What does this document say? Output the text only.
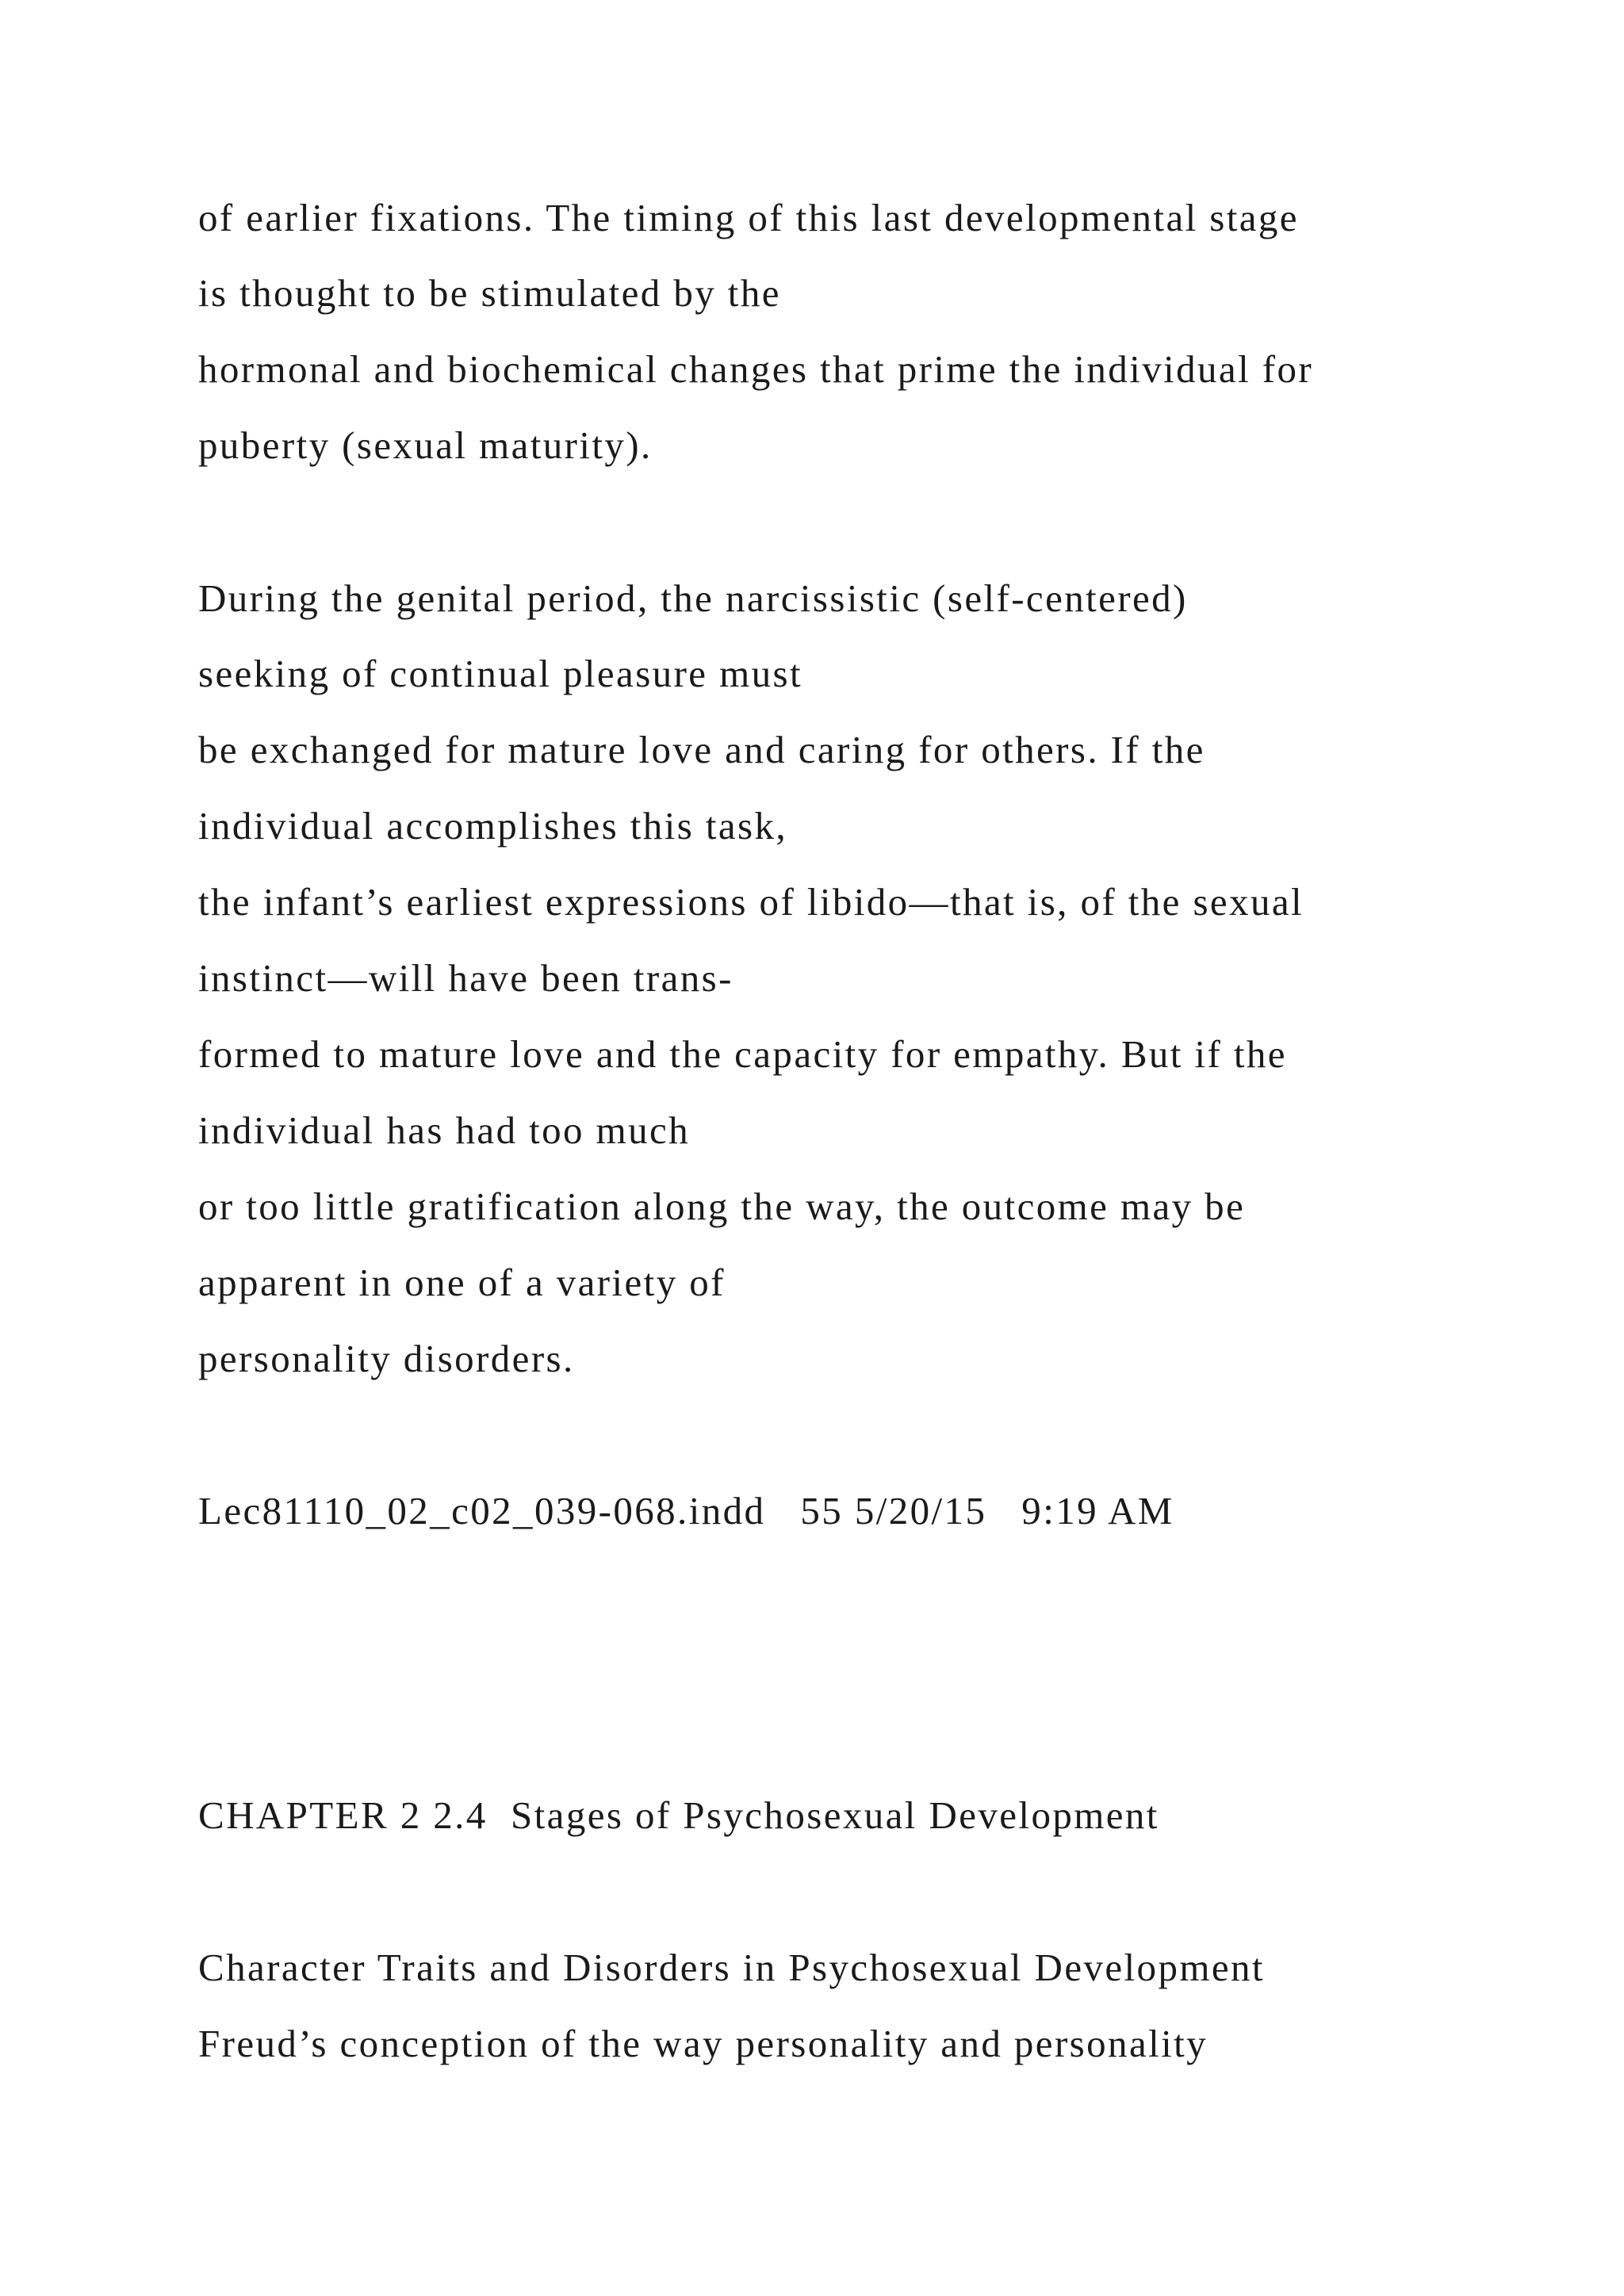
of earlier fixations. The timing of this last developmental stage
is thought to be stimulated by the
hormonal and biochemical changes that prime the individual for
puberty (sexual maturity).
During the genital period, the narcissistic (self-centered)
seeking of continual pleasure must
be exchanged for mature love and caring for others. If the
individual accomplishes this task,
the infant’s earliest expressions of libido—that is, of the sexual
instinct—will have been trans-
formed to mature love and the capacity for empathy. But if the
individual has had too much
or too little gratification along the way, the outcome may be
apparent in one of a variety of
personality disorders.
Lec81110_02_c02_039-068.indd   55 5/20/15   9:19 AM
CHAPTER 2 2.4  Stages of Psychosexual Development
Character Traits and Disorders in Psychosexual Development
Freud’s conception of the way personality and personality
